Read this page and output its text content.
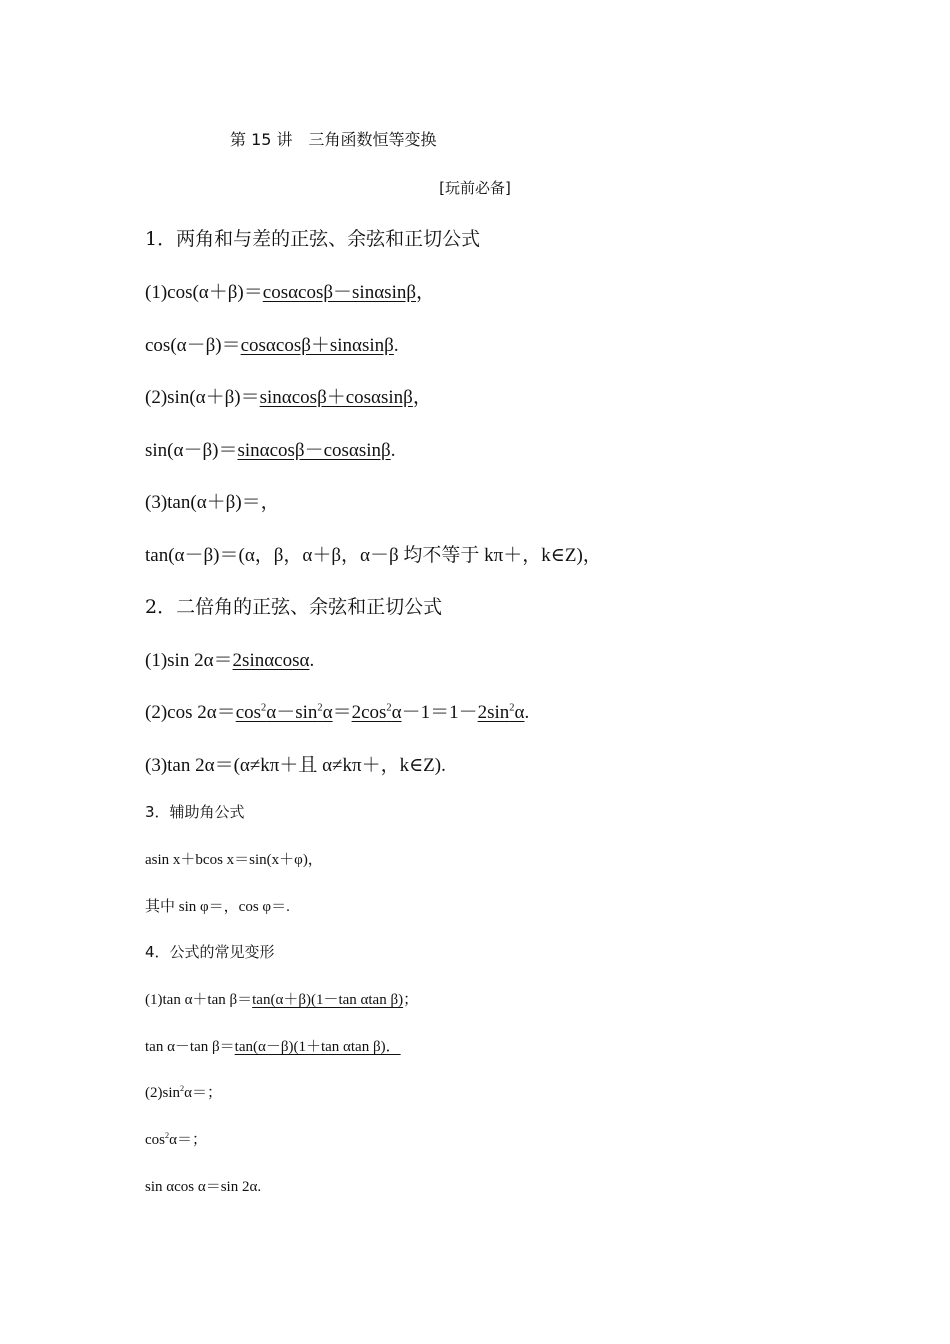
第 15 讲　三角函数恒等变换
[玩前必备]
1．两角和与差的正弦、余弦和正切公式
(1)cos(α＋β)＝cosαcosβ－sinαsinβ，
cos(α－β)＝cosαcosβ＋sinαsinβ.
(2)sin(α＋β)＝sinαcosβ＋cosαsinβ，
sin(α－β)＝sinαcosβ－cosαsinβ.
(3)tan(α＋β)＝，
tan(α－β)＝(α，β，α＋β，α－β 均不等于 kπ＋，k∈Z)，
2．二倍角的正弦、余弦和正切公式
(1)sin 2α＝2sinαcosα.
(2)cos $2\alpha=\cos^2\alpha-\sin^2\alpha=2\cos^2\alpha-1=1-2\sin^2\alpha$.
(3)tan 2α＝(α≠kπ＋且 α≠kπ＋，k∈Z).
3．辅助角公式
asin x＋bcos x＝sin(x＋φ)，
其中 sin φ＝，cos φ＝.
4．公式的常见变形
(1)tan α＋tan β＝tan(α＋β)(1－tan αtan β)；
tan α－tan β＝tan(α－β)(1＋tan αtan β)．
$(2)\sin^2\alpha=$；
$\cos^2\alpha=$；
sin αcos α＝sin 2α.
